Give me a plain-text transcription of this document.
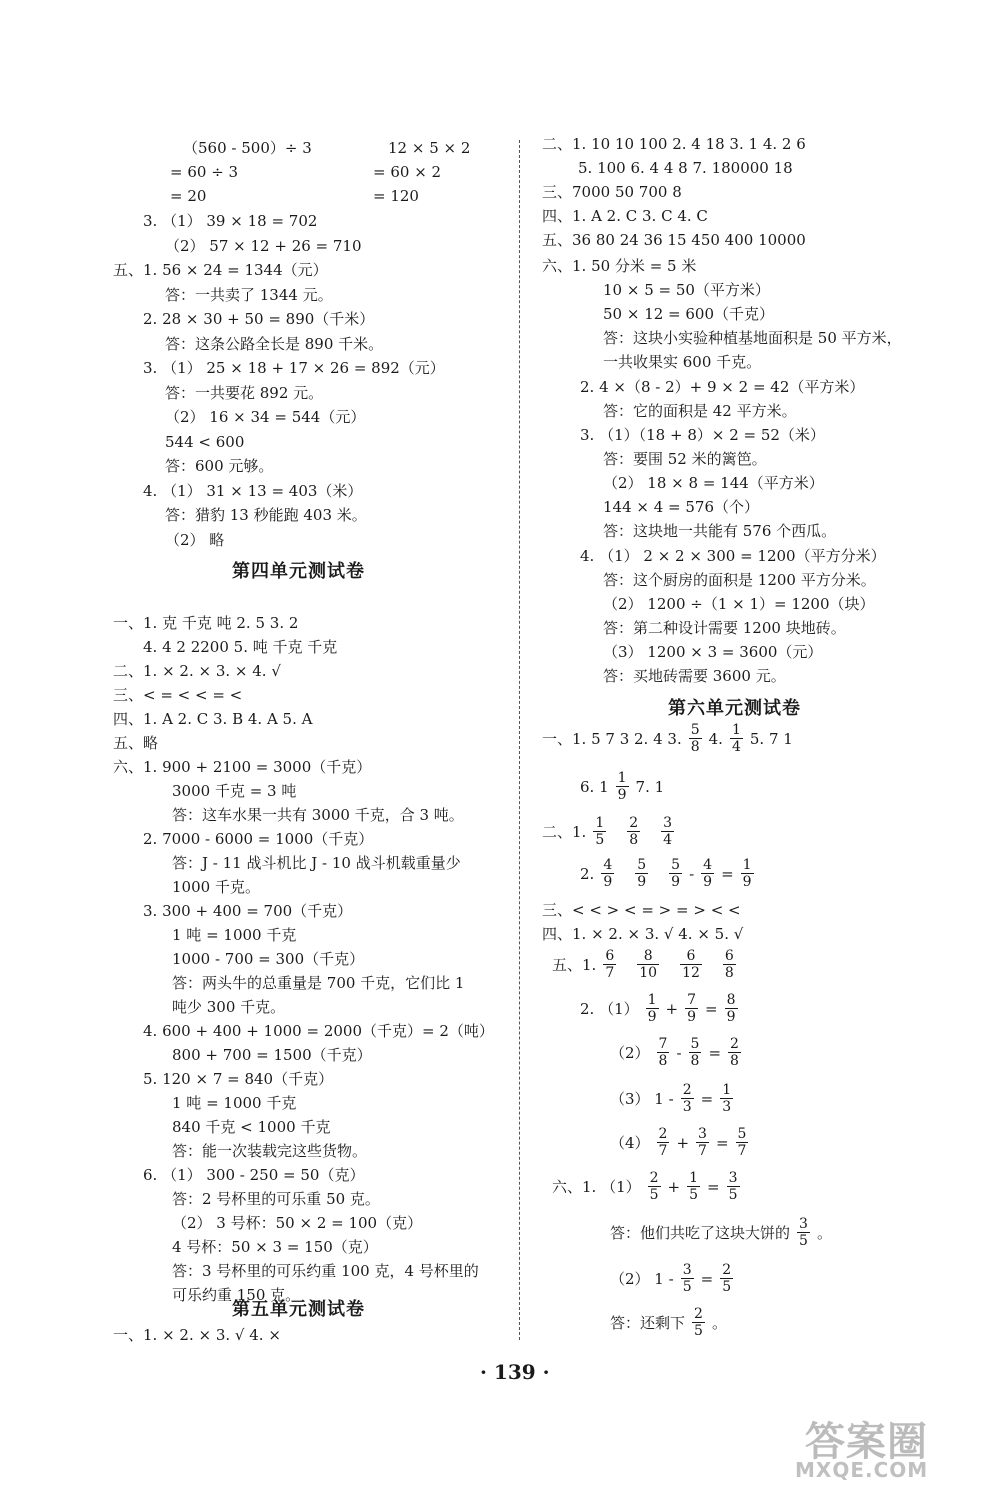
（560 - 500）÷ 3	12 × 5 × 2
= 60 ÷ 3	= 60 × 2
= 20	= 120
3. （1） 39 × 18 = 702
（2） 57 × 12 + 26 = 710
五、1. 56 × 24 = 1344（元）
答：一共卖了 1344 元。
2. 28 × 30 + 50 = 890（千米）
答：这条公路全长是 890 千米。
3. （1） 25 × 18 + 17 × 26 = 892（元）
答：一共要花 892 元。
（2） 16 × 34 = 544（元）
544 < 600
答：600 元够。
4. （1） 31 × 13 = 403（米）
答：猎豹 13 秒能跑 403 米。
（2） 略
第四单元测试卷
一、1. 克 千克 吨 2. 5 3. 2
4. 4 2 2200 5. 吨 千克 千克
二、1. × 2. × 3. × 4. √
三、< = < < = <
四、1. A 2. C 3. B 4. A 5. A
五、略
六、1. 900 + 2100 = 3000（千克）
3000 千克 = 3 吨
答：这车水果一共有 3000 千克，合 3 吨。
2. 7000 - 6000 = 1000（千克）
答：J - 11 战斗机比 J - 10 战斗机载重量少
1000 千克。
3. 300 + 400 = 700（千克）
1 吨 = 1000 千克
1000 - 700 = 300（千克）
答：两头牛的总重量是 700 千克，它们比 1
吨少 300 千克。
4. 600 + 400 + 1000 = 2000（千克）= 2（吨）
800 + 700 = 1500（千克）
5. 120 × 7 = 840（千克）
1 吨 = 1000 千克
840 千克 < 1000 千克
答：能一次装载完这些货物。
6. （1） 300 - 250 = 50（克）
答：2 号杯里的可乐重 50 克。
（2） 3 号杯：50 × 2 = 100（克）
4 号杯：50 × 3 = 150（克）
答：3 号杯里的可乐约重 100 克，4 号杯里的
可乐约重 150 克。
第五单元测试卷
一、1. × 2. × 3. √ 4. ×
二、1. 10 10 100 2. 4 18 3. 1 4. 2 6
5. 100 6. 4 4 8 7. 180000 18
三、7000 50 700 8
四、1. A 2. C 3. C 4. C
五、36 80 24 36 15 450 400 10000
六、1. 50 分米 = 5 米
10 × 5 = 50（平方米）
50 × 12 = 600（千克）
答：这块小实验种植基地面积是 50 平方米，
一共收果实 600 千克。
2. 4 ×（8 - 2）+ 9 × 2 = 42（平方米）
答：它的面积是 42 平方米。
3. （1）（18 + 8）× 2 = 52（米）
答：要围 52 米的篱笆。
（2） 18 × 8 = 144（平方米）
144 × 4 = 576（个）
答：这块地一共能有 576 个西瓜。
4. （1） 2 × 2 × 300 = 1200（平方分米）
答：这个厨房的面积是 1200 平方分米。
（2） 1200 ÷（1 × 1）= 1200（块）
答：第二种设计需要 1200 块地砖。
（3） 1200 × 3 = 3600（元）
答：买地砖需要 3600 元。
第六单元测试卷
一、1. 5 7 3 2. 4 3. $\frac{5}{8} 4$. $\frac{1}{4} 5$. 7 1
6. $1 \frac{1}{9} 7$. 1
二、1. $\frac{1}{5} \frac{2}{8} \frac{3}{4}$
2. $\frac{4}{9} \frac{5}{9} \frac{5}{9} - \frac{4}{9} = \frac{1}{9}$
三、< < > < = > = > < <
四、1. × 2. × 3. √ 4. × 5. √
五、1. $\frac{6}{7} \frac{8}{10} \frac{6}{12} \frac{6}{8}$
2. $(1) \frac{1}{9} + \frac{7}{9} = \frac{8}{9}$
$(2) \frac{7}{8} - \frac{5}{8} = \frac{2}{8}$
（3） $1 - \frac{2}{3} = \frac{1}{3}$
$(4) \frac{2}{7} + \frac{3}{7} = \frac{5}{7}$
六、1. $(1) \frac{2}{5} + \frac{1}{5} = \frac{3}{5}$
答：他们共吃了这块大饼的 $\frac{3}{5}$ 。
（2） $1 - \frac{3}{5} = \frac{2}{5}$
答：还剩下 $\frac{2}{5}$ 。
· 139 ·
答案圈
MXQE.COM
